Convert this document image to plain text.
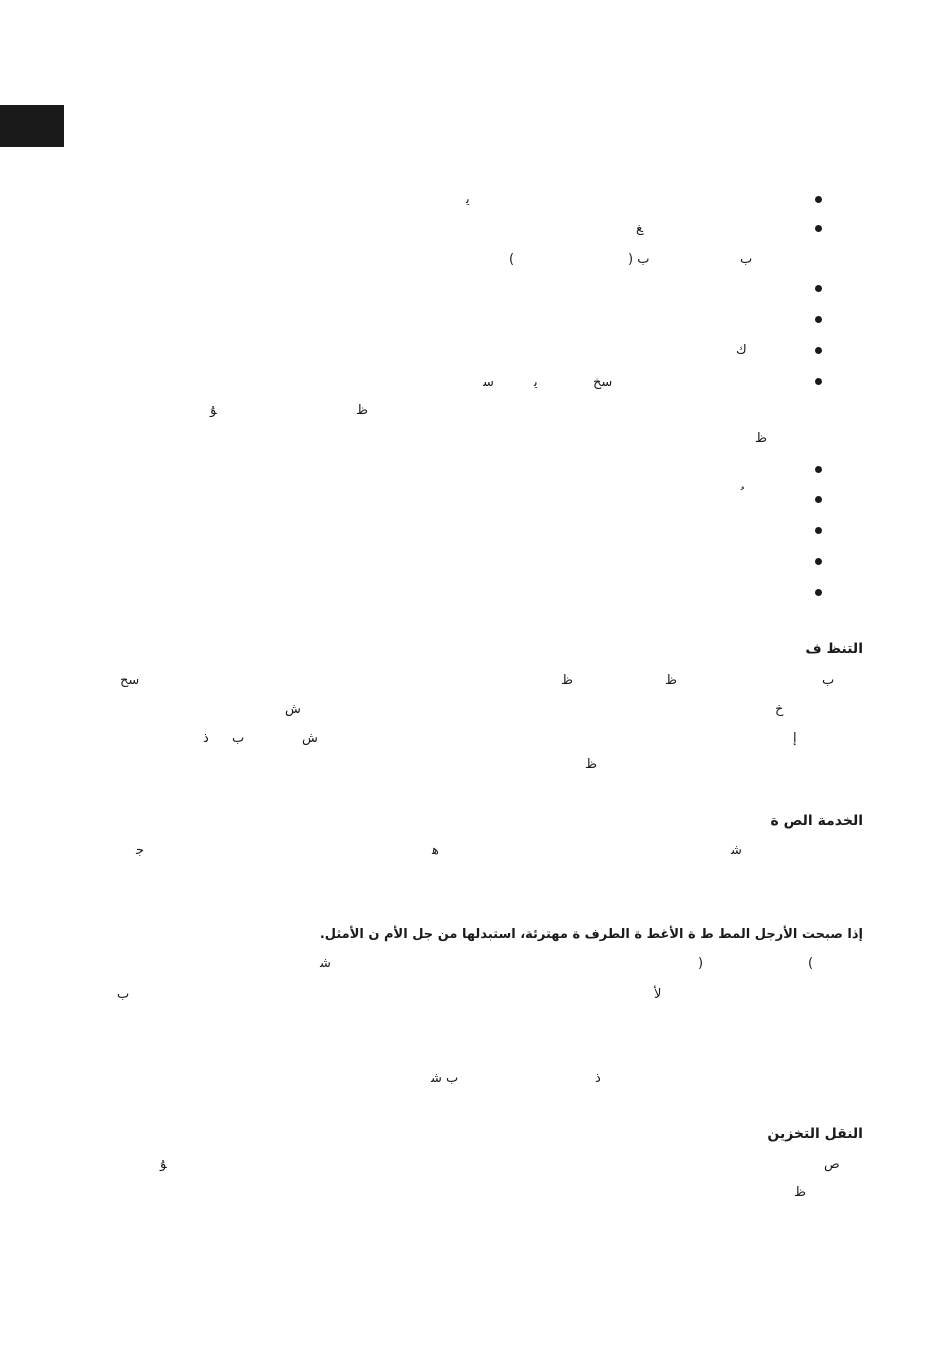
ﯾ
ﻎ
ب
ب (
)
ك
ﺳﺦ
ﯾ
ﺳ
ظ
ﯘ
ظ
التنظ ف
ب
ظ
ظ
ﺳﺢ
خ
ش
إ
ش
ب
ذ
ظ
الخدمة الص ة
ﺷ
ﻫ
ﺟ
إذا صبحت الأرجل المط ط ة الأغط ة الطرف ة مهترئة، استبدلها من جل الأم ن الأمثل.
)
(
ﺷ
ﻷ
ب
ﺫ
ب ﺷ
النقل التخزين
ص
ﯘ
ظ
